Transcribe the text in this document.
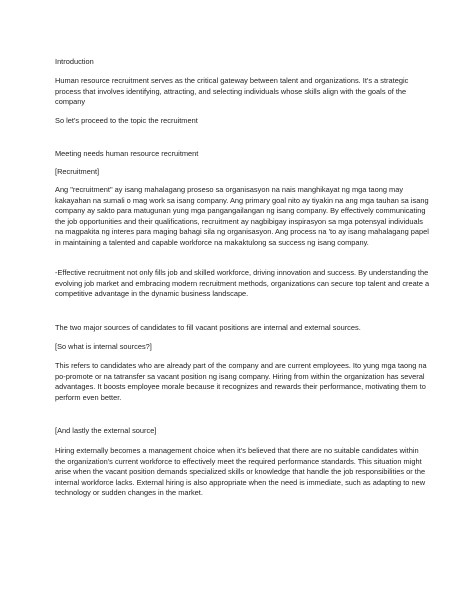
Introduction

Human resource recruitment serves as the critical gateway between talent and organizations. It's a strategic process that involves identifying, attracting, and selecting individuals whose skills align with the goals of the company

So let's proceed to the topic the recruitment

Meeting needs human resource recruitment

[Recruitment]

Ang "recruitment" ay isang mahalagang proseso sa organisasyon na nais manghikayat ng mga taong may kakayahan na sumali o mag work sa isang company. Ang primary goal nito ay tiyakin na ang mga tauhan sa isang company ay sakto para matugunan yung mga pangangailangan ng isang company. By effectively communicating the job opportunities and their qualifications, recruitment ay nagbibigay inspirasyon sa mga potensyal individuals na magpakita ng interes para maging bahagi sila ng organisasyon. Ang process na 'to ay isang mahalagang papel in maintaining a talented and capable workforce na makaktulong sa success ng isang company.

-Effective recruitment not only fills job and skilled workforce, driving innovation and success. By understanding the evolving job market and embracing modern recruitment methods, organizations can secure top talent and create a competitive advantage in the dynamic business landscape.

The two major sources of candidates to fill vacant positions are internal and external sources.

[So what is internal sources?]

This refers to candidates who are already part of the company and are current employees. Ito yung mga taong na po-promote or na tatransfer sa vacant position ng isang company. Hiring from within the organization has several advantages. It boosts employee morale because it recognizes and rewards their performance, motivating them to perform even better.

[And lastly the external source]

Hiring externally becomes a management choice when it's believed that there are no suitable candidates within the organization's current workforce to effectively meet the required performance standards. This situation might arise when the vacant position demands specialized skills or knowledge that handle the job responsibilities or the internal workforce lacks. External hiring is also appropriate when the need is immediate, such as adapting to new technology or sudden changes in the market.
